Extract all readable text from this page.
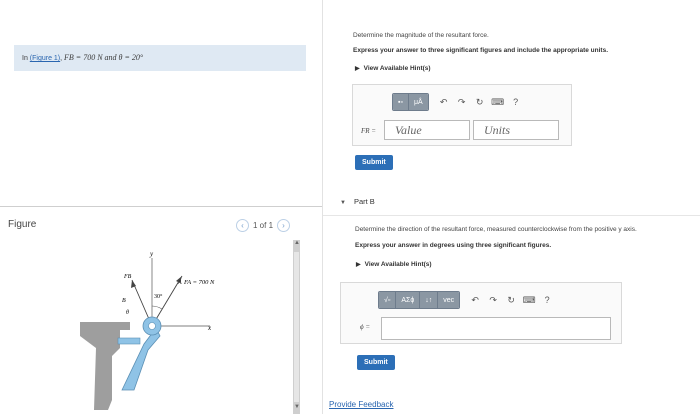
In (Figure 1), FB = 700 N and θ = 20°
Figure	‹	1 of 1	›
x
y
A FA = 700 N
FB
B
θ
30°
▲
▼
Determine the magnitude of the resultant force.
Express your answer to three significant figures and include the appropriate units.
▶ View Available Hint(s)
▪▫	μÅ	↶	↷	↻ ⌨ ?
FR =	Value	Units
Submit
▼ Part B
Determine the direction of the resultant force, measured counterclockwise from the positive y axis.
Express your answer in degrees using three significant figures.
▶ View Available Hint(s)
√▫	ΑΣϕ	↓↑	vec	↶	↷	↻ ⌨ ?
ϕ =
Submit
Provide Feedback
